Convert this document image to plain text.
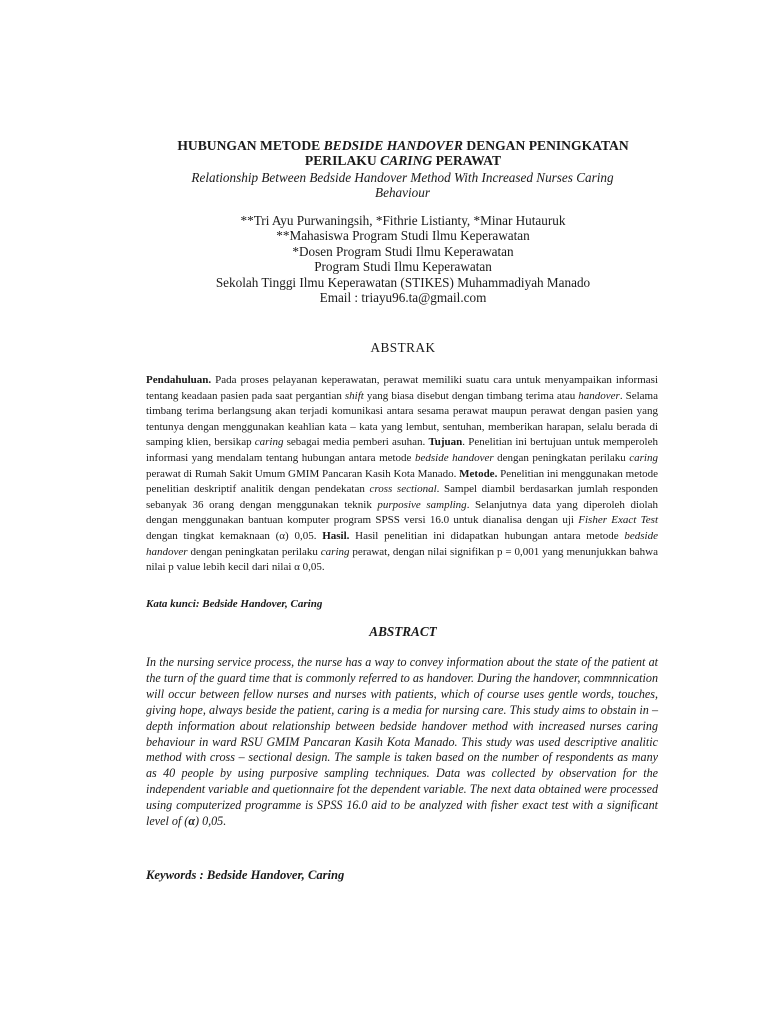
HUBUNGAN METODE BEDSIDE HANDOVER DENGAN PENINGKATAN
PERILAKU CARING PERAWAT
Relationship Between Bedside Handover Method With Increased Nurses Caring
Behaviour
**Tri Ayu Purwaningsih, *Fithrie Listianty, *Minar Hutauruk
**Mahasiswa Program Studi Ilmu Keperawatan
*Dosen Program Studi Ilmu Keperawatan
Program Studi Ilmu Keperawatan
Sekolah Tinggi Ilmu Keperawatan (STIKES) Muhammadiyah Manado
Email : triayu96.ta@gmail.com
ABSTRAK
Pendahuluan. Pada proses pelayanan keperawatan, perawat memiliki suatu cara untuk menyampaikan informasi tentang keadaan pasien pada saat pergantian shift yang biasa disebut dengan timbang terima atau handover. Selama timbang terima berlangsung akan terjadi komunikasi antara sesama perawat maupun perawat dengan pasien yang tentunya dengan menggunakan keahlian kata – kata yang lembut, sentuhan, memberikan harapan, selalu berada di samping klien, bersikap caring sebagai media pemberi asuhan. Tujuan. Penelitian ini bertujuan untuk memperoleh informasi yang mendalam tentang hubungan antara metode bedside handover dengan peningkatan perilaku caring perawat di Rumah Sakit Umum GMIM Pancaran Kasih Kota Manado. Metode. Penelitian ini menggunakan metode penelitian deskriptif analitik dengan pendekatan cross sectional. Sampel diambil berdasarkan jumlah responden sebanyak 36 orang dengan menggunakan teknik purposive sampling. Selanjutnya data yang diperoleh diolah dengan menggunakan bantuan komputer program SPSS versi 16.0 untuk dianalisa dengan uji Fisher Exact Test dengan tingkat kemaknaan (α) 0,05. Hasil. Hasil penelitian ini didapatkan hubungan antara metode bedside handover dengan peningkatan perilaku caring perawat, dengan nilai signifikan p = 0,001 yang menunjukkan bahwa nilai p value lebih kecil dari nilai α 0,05.
Kata kunci: Bedside Handover, Caring
ABSTRACT
In the nursing service process, the nurse has a way to convey information about the state of the patient at the turn of the guard time that is commonly referred to as handover. During the handover, commnnication will occur between fellow nurses and nurses with patients, which of course uses gentle words, touches, giving hope, always beside the patient, caring is a media for nursing care. This study aims to obstain in – depth information about relationship between bedside handover method with increased nurses caring behaviour in ward RSU GMIM Pancaran Kasih Kota Manado. This study was used descriptive analitic method with cross – sectional design. The sample is taken based on the number of respondents as many as 40 people by using purposive sampling techniques. Data was collected by observation for the independent variable and quetionnaire fot the dependent variable. The next data obtained were processed using computerized programme is SPSS 16.0 aid to be analyzed with fisher exact test with a significant level of (α) 0,05.
Keywords : Bedside Handover, Caring
